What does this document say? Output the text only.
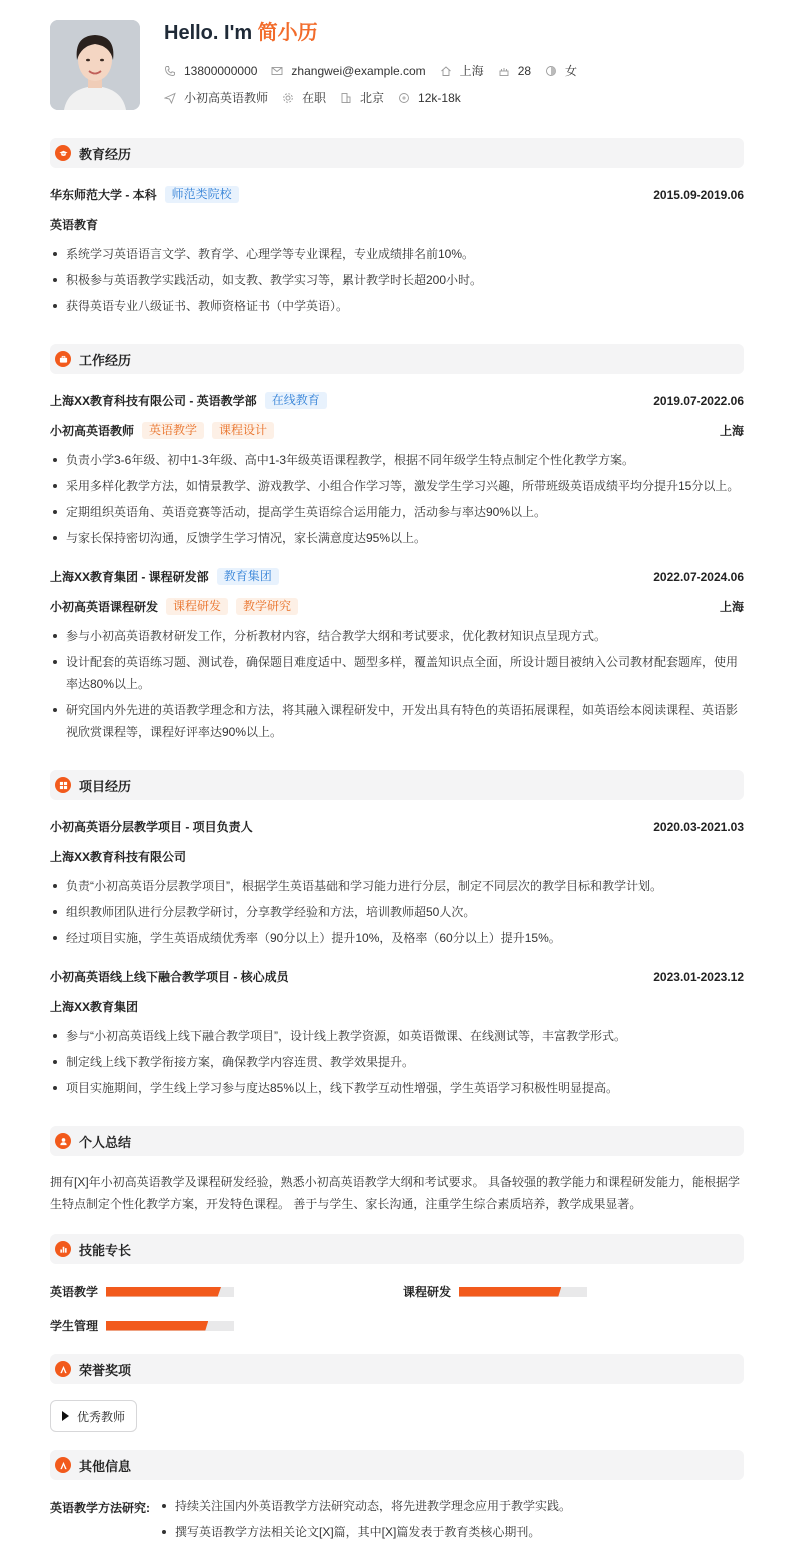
Hello. I'm 简小历
13800000000	zhangwei@example.com	上海	28	女
小初高英语教师	在职	北京	12k-18k
教育经历
华东师范大学 - 本科	师范类院校	2015.09-2019.06
英语教育
系统学习英语语言文学、教育学、心理学等专业课程，专业成绩排名前10%。
积极参与英语教学实践活动，如支教、教学实习等，累计教学时长超200小时。
获得英语专业八级证书、教师资格证书（中学英语）。
工作经历
上海XX教育科技有限公司 - 英语教学部	在线教育	2019.07-2022.06
小初高英语教师	英语教学	课程设计	上海
负责小学3-6年级、初中1-3年级、高中1-3年级英语课程教学，根据不同年级学生特点制定个性化教学方案。
采用多样化教学方法，如情景教学、游戏教学、小组合作学习等，激发学生学习兴趣，所带班级英语成绩平均分提升15分以上。
定期组织英语角、英语竞赛等活动，提高学生英语综合运用能力，活动参与率达90%以上。
与家长保持密切沟通，反馈学生学习情况，家长满意度达95%以上。
上海XX教育集团 - 课程研发部	教育集团	2022.07-2024.06
小初高英语课程研发	课程研发	教学研究	上海
参与小初高英语教材研发工作，分析教材内容，结合教学大纲和考试要求，优化教材知识点呈现方式。
设计配套的英语练习题、测试卷，确保题目难度适中、题型多样，覆盖知识点全面，所设计题目被纳入公司教材配套题库，使用率达80%以上。
研究国内外先进的英语教学理念和方法，将其融入课程研发中，开发出具有特色的英语拓展课程，如英语绘本阅读课程、英语影视欣赏课程等，课程好评率达90%以上。
项目经历
小初高英语分层教学项目 - 项目负责人	2020.03-2021.03
上海XX教育科技有限公司
负责“小初高英语分层教学项目”，根据学生英语基础和学习能力进行分层，制定不同层次的教学目标和教学计划。
组织教师团队进行分层教学研讨，分享教学经验和方法，培训教师超50人次。
经过项目实施，学生英语成绩优秀率（90分以上）提升10%，及格率（60分以上）提升15%。
小初高英语线上线下融合教学项目 - 核心成员	2023.01-2023.12
上海XX教育集团
参与“小初高英语线上线下融合教学项目”，设计线上教学资源，如英语微课、在线测试等，丰富教学形式。
制定线上线下教学衔接方案，确保教学内容连贯、教学效果提升。
项目实施期间，学生线上学习参与度达85%以上，线下教学互动性增强，学生英语学习积极性明显提高。
个人总结
拥有[X]年小初高英语教学及课程研发经验，熟悉小初高英语教学大纲和考试要求。 具备较强的教学能力和课程研发能力，能根据学生特点制定个性化教学方案，开发特色课程。 善于与学生、家长沟通，注重学生综合素质培养，教学成果显著。
技能专长
英语教学	课程研发
学生管理
荣誉奖项
优秀教师
其他信息
英语教学方法研究:	持续关注国内外英语教学方法研究动态，将先进教学理念应用于教学实践。
撰写英语教学方法相关论文[X]篇，其中[X]篇发表于教育类核心期刊。
